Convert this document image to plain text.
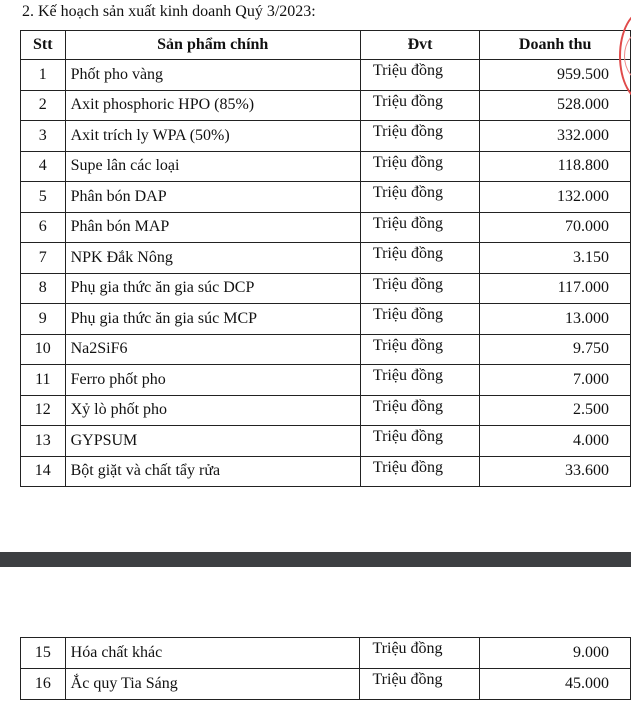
2. Kế hoạch sản xuất kinh doanh Quý 3/2023:
Stt	Sản phẩm chính	Đvt	Doanh thu
1	Phốt pho vàng	Triệu đồng	959.500
2	Axit phosphoric HPO (85%)	Triệu đồng	528.000
3	Axit trích ly WPA (50%)	Triệu đồng	332.000
4	Supe lân các loại	Triệu đồng	118.800
5	Phân bón DAP	Triệu đồng	132.000
6	Phân bón MAP	Triệu đồng	70.000
7	NPK Đắk Nông	Triệu đồng	3.150
8	Phụ gia thức ăn gia súc DCP	Triệu đồng	117.000
9	Phụ gia thức ăn gia súc MCP	Triệu đồng	13.000
10	Na2SiF6	Triệu đồng	9.750
11	Ferro phốt pho	Triệu đồng	7.000
12	Xỷ lò phốt pho	Triệu đồng	2.500
13	GYPSUM	Triệu đồng	4.000
14	Bột giặt và chất tẩy rửa	Triệu đồng	33.600
15	Hóa chất khác	Triệu đồng	9.000
16	Ắc quy Tia Sáng	Triệu đồng	45.000
